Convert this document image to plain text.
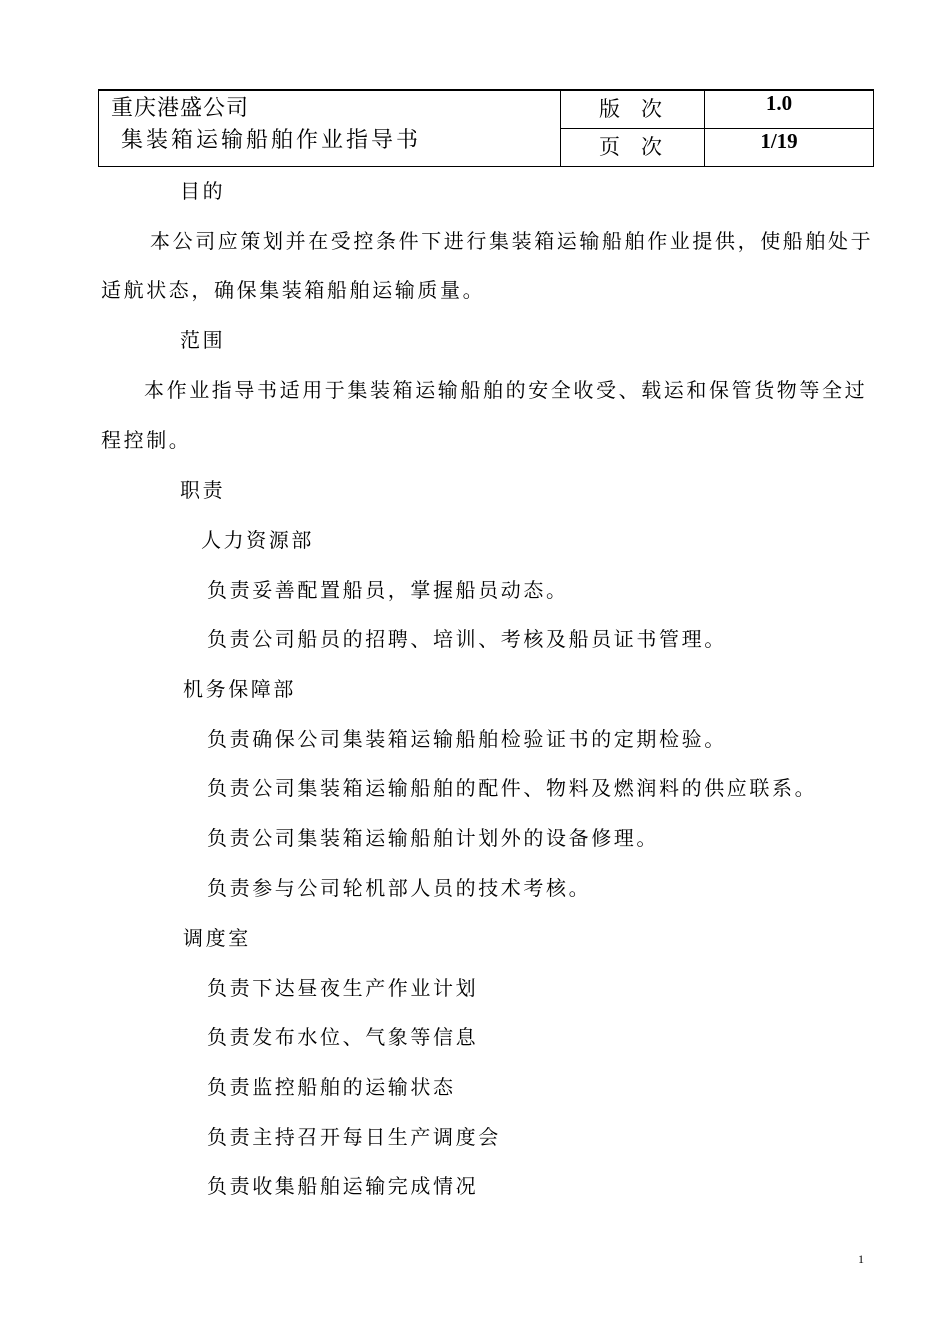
重庆港盛公司
集装箱运输船舶作业指导书
版　次	1.0
页　次	1/19
目的
本公司应策划并在受控条件下进行集装箱运输船舶作业提供，使船舶处于
适航状态，确保集装箱船舶运输质量。
范围
本作业指导书适用于集装箱运输船舶的安全收受、载运和保管货物等全过
程控制。
职责
人力资源部
负责妥善配置船员，掌握船员动态。
负责公司船员的招聘、培训、考核及船员证书管理。
机务保障部
负责确保公司集装箱运输船舶检验证书的定期检验。
负责公司集装箱运输船舶的配件、物料及燃润料的供应联系。
负责公司集装箱运输船舶计划外的设备修理。
负责参与公司轮机部人员的技术考核。
调度室
负责下达昼夜生产作业计划
负责发布水位、气象等信息
负责监控船舶的运输状态
负责主持召开每日生产调度会
负责收集船舶运输完成情况
1
